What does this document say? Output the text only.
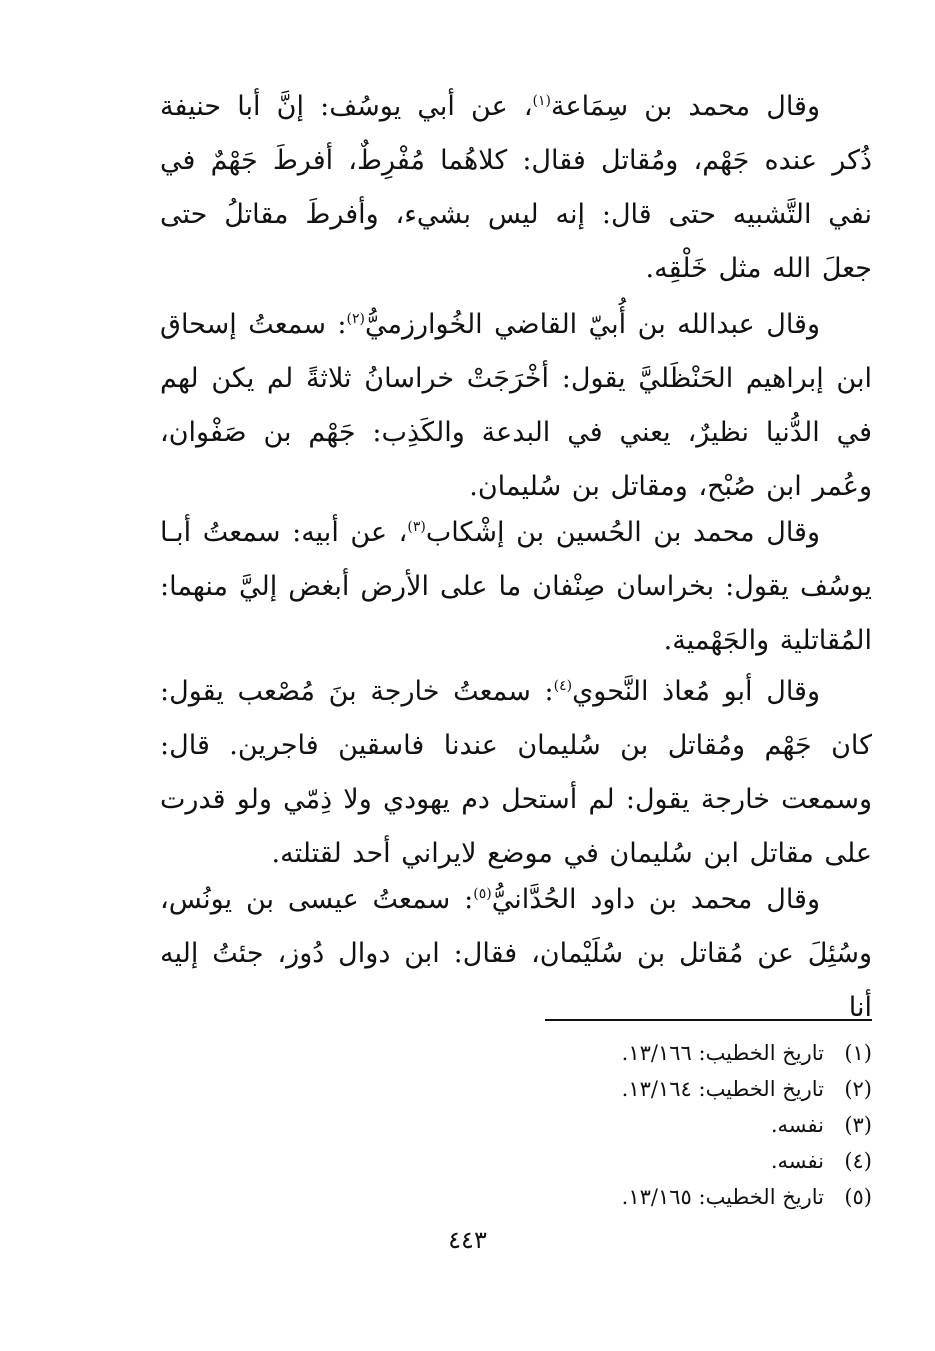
وقال محمد بن سِمَاعة$^{(١)}$، عن أبي يوسُف: إنَّ أبا حنيفة ذُكر عنده جَهْم، ومُقاتل فقال: كلاهُما مُفْرِطٌ، أفرطَ جَهْمٌ في نفي التَّشبيه حتى قال: إنه ليس بشيء، وأفرطَ مقاتلُ حتى جعلَ الله مثل خَلْقِه.

وقال عبدالله بن أُبيّ القاضي الخُوارزميُّ$^{(٢)}$: سمعتُ إسحاق ابن إبراهيم الحَنْظَليَّ يقول: أخْرَجَتْ خراسانُ ثلاثةً لم يكن لهم في الدُّنيا نظيرٌ، يعني في البدعة والكَذِب: جَهْم بن صَفْوان، وعُمر ابن صُبْح، ومقاتل بن سُليمان.

وقال محمد بن الحُسين بن إشْكاب$^{(٣)}$، عن أبيه: سمعتُ أبـا يوسُف يقول: بخراسان صِنْفان ما على الأرض أبغض إليَّ منهما: المُقاتلية والجَهْمية.

وقال أبو مُعاذ النَّحوي$^{(٤)}$: سمعتُ خارجة بنَ مُصْعب يقول: كان جَهْم ومُقاتل بن سُليمان عندنا فاسقين فاجرين. قال: وسمعت خارجة يقول: لم أستحل دم يهودي ولا ذِمّي ولو قدرت على مقاتل ابن سُليمان في موضع لايراني أحد لقتلته.

وقال محمد بن داود الحُدَّانيُّ$^{(٥)}$: سمعتُ عيسى بن يونُس، وسُئِلَ عن مُقاتل بن سُلَيْمان، فقال: ابن دوال دُوز، جئتُ إليه أنا

(١)تاريخ الخطيب: ١٣/١٦٦.
(٢)تاريخ الخطيب: ١٣/١٦٤.
(٣)نفسه.
(٤)نفسه.
(٥)تاريخ الخطيب: ١٣/١٦٥.
٤٤٣
